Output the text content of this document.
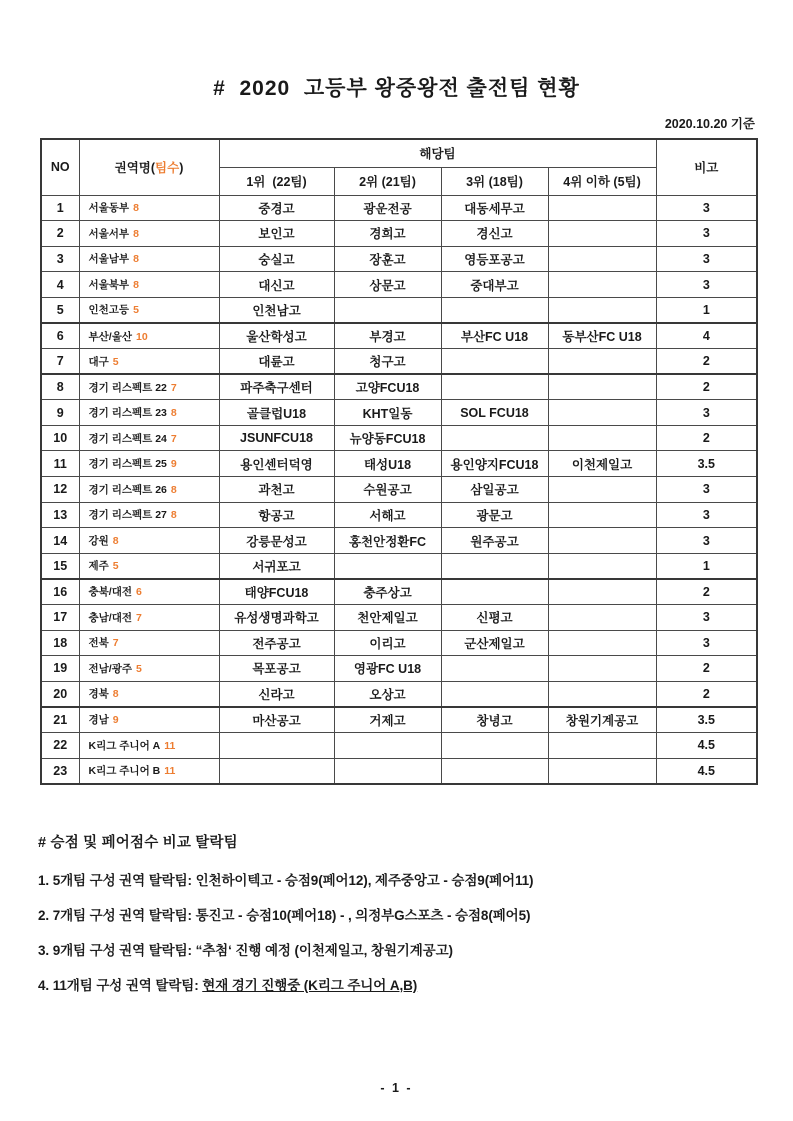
#  2020  고등부 왕중왕전 출전팀 현황
2020.10.20 기준
NO	권역명(팀수)	해당팀				비고
		1위  (22팀)	2위 (21팀)	3위 (18팀)	4위 이하 (5팀)	
1	서울동부 8	중경고	광운전공	대동세무고		3
2	서울서부 8	보인고	경희고	경신고		3
3	서울남부 8	숭실고	장훈고	영등포공고		3
4	서울북부 8	대신고	상문고	중대부고		3
5	인천고등 5	인천남고				1
6	부산/울산 10	울산학성고	부경고	부산FC U18	동부산FC U18	4
7	대구 5	대륜고	청구고			2
8	경기 리스펙트 22 7	파주축구센터	고양FCU18			2
9	경기 리스펙트 23 8	골클럽U18	KHT일동	SOL FCU18		3
10	경기 리스펙트 24 7	JSUNFCU18	뉴양동FCU18			2
11	경기 리스펙트 25 9	용인센터덕영	태성U18	용인양지FCU18	이천제일고	3.5
12	경기 리스펙트 26 8	과천고	수원공고	삼일공고		3
13	경기 리스펙트 27 8	항공고	서해고	광문고		3
14	강원 8	강릉문성고	홍천안정환FC	원주공고		3
15	제주 5	서귀포고				1
16	충북/대전 6	태양FCU18	충주상고			2
17	충남/대전 7	유성생명과학고	천안제일고	신평고		3
18	전북 7	전주공고	이리고	군산제일고		3
19	전남/광주 5	목포공고	영광FC U18			2
20	경북 8	신라고	오상고			2
21	경남 9	마산공고	거제고	창녕고	창원기계공고	3.5
22	K리그 주니어 A 11					4.5
23	K리그 주니어 B 11					4.5
# 승점 및 페어점수 비교 탈락팀
1. 5개팀 구성 권역 탈락팀: 인천하이텍고 - 승점9(페어12), 제주중앙고 - 승점9(페어11)
2. 7개팀 구성 권역 탈락팀: 통진고 - 승점10(페어18) - , 의정부G스포츠 - 승점8(페어5)
3. 9개팀 구성 권역 탈락팀: “추첨‘ 진행 예정 (이천제일고, 창원기계공고)
4. 11개팀 구성 권역 탈락팀: 현재 경기 진행중 (K리그 주니어 A,B)
- 1 -
